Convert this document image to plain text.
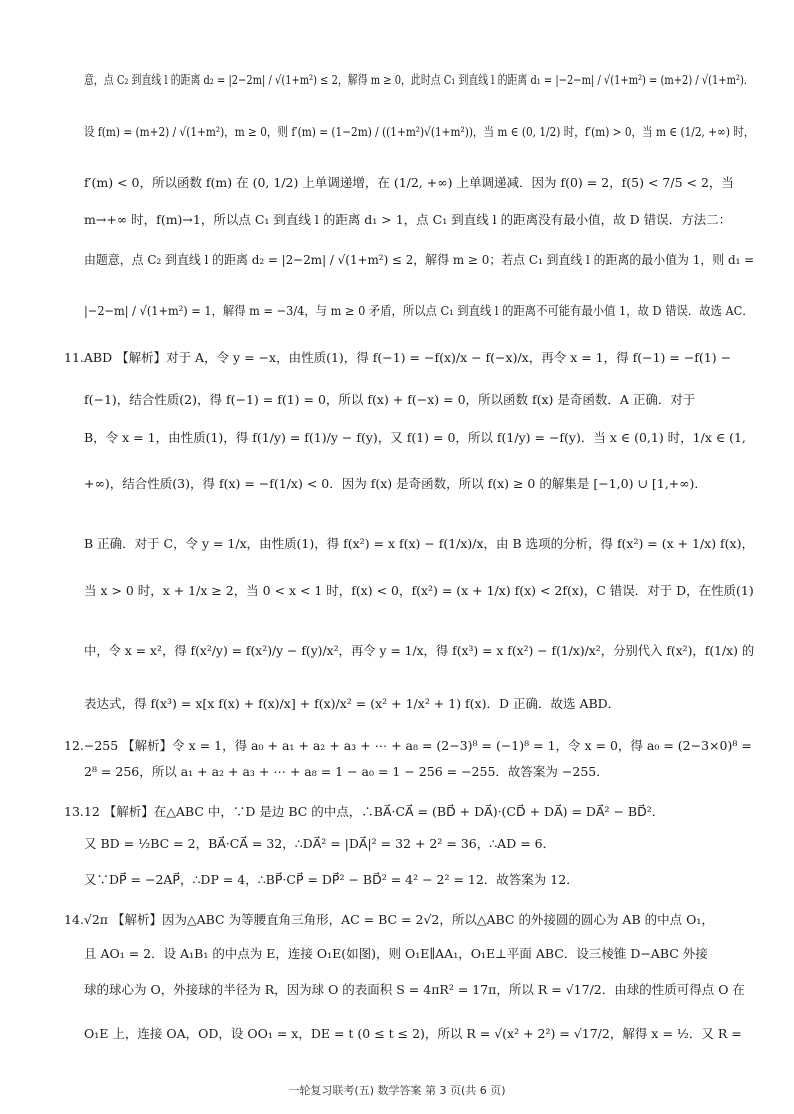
意，点 C₂ 到直线 l 的距离 d₂ = |2−2m| / √(1+m²) ≤ 2，解得 m ≥ 0，此时点 C₁ 到直线 l 的距离 d₁ = |−2−m| / √(1+m²) = (m+2) / √(1+m²)．
设 f(m) = (m+2) / √(1+m²)，m ≥ 0，则 f′(m) = (1−2m) / ((1+m²)√(1+m²))，当 m ∈ (0, 1/2) 时，f′(m) > 0，当 m ∈ (1/2, +∞) 时，
f′(m) < 0，所以函数 f(m) 在 (0, 1/2) 上单调递增，在 (1/2, +∞) 上单调递减．因为 f(0) = 2，f(5) < 7/5 < 2，当
m→+∞ 时，f(m)→1，所以点 C₁ 到直线 l 的距离 d₁ > 1，点 C₁ 到直线 l 的距离没有最小值，故 D 错误．方法二：
由题意，点 C₂ 到直线 l 的距离 d₂ = |2−2m| / √(1+m²) ≤ 2，解得 m ≥ 0；若点 C₁ 到直线 l 的距离的最小值为 1，则 d₁ =
|−2−m| / √(1+m²) = 1，解得 m = −3/4，与 m ≥ 0 矛盾，所以点 C₁ 到直线 l 的距离不可能有最小值 1，故 D 错误．故选 AC．
11.ABD 【解析】对于 A，令 y = −x，由性质(1)，得 f(−1) = −f(x)/x − f(−x)/x，再令 x = 1，得 f(−1) = −f(1) −
f(−1)，结合性质(2)，得 f(−1) = f(1) = 0，所以 f(x) + f(−x) = 0，所以函数 f(x) 是奇函数．A 正确．对于
B，令 x = 1，由性质(1)，得 f(1/y) = f(1)/y − f(y)，又 f(1) = 0，所以 f(1/y) = −f(y)．当 x ∈ (0,1) 时，1/x ∈ (1,
+∞)，结合性质(3)，得 f(x) = −f(1/x) < 0．因为 f(x) 是奇函数，所以 f(x) ≥ 0 的解集是 [−1,0) ∪ [1,+∞)．
B 正确．对于 C，令 y = 1/x，由性质(1)，得 f(x²) = x f(x) − f(1/x)/x，由 B 选项的分析，得 f(x²) = (x + 1/x) f(x)，
当 x > 0 时，x + 1/x ≥ 2，当 0 < x < 1 时，f(x) < 0，f(x²) = (x + 1/x) f(x) < 2f(x)，C 错误．对于 D，在性质(1)
中，令 x = x²，得 f(x²/y) = f(x²)/y − f(y)/x²，再令 y = 1/x，得 f(x³) = x f(x²) − f(1/x)/x²，分别代入 f(x²)，f(1/x) 的
表达式，得 f(x³) = x[x f(x) + f(x)/x] + f(x)/x² = (x² + 1/x² + 1) f(x)．D 正确．故选 ABD．
12.−255 【解析】令 x = 1，得 a₀ + a₁ + a₂ + a₃ + ⋯ + a₈ = (2−3)⁸ = (−1)⁸ = 1，令 x = 0，得 a₀ = (2−3×0)⁸ =
2⁸ = 256，所以 a₁ + a₂ + a₃ + ⋯ + a₈ = 1 − a₀ = 1 − 256 = −255．故答案为 −255．
13.12 【解析】在△ABC 中，∵D 是边 BC 的中点，∴BA⃗·CA⃗ = (BD⃗ + DA⃗)·(CD⃗ + DA⃗) = DA⃗² − BD⃗²．
又 BD = ½BC = 2，BA⃗·CA⃗ = 32，∴DA⃗² = |DA⃗|² = 32 + 2² = 36，∴AD = 6．
又∵DP⃗ = −2AP⃗，∴DP = 4，∴BP⃗·CP⃗ = DP⃗² − BD⃗² = 4² − 2² = 12．故答案为 12．
14.√2π 【解析】因为△ABC 为等腰直角三角形，AC = BC = 2√2，所以△ABC 的外接圆的圆心为 AB 的中点 O₁，
且 AO₁ = 2．设 A₁B₁ 的中点为 E，连接 O₁E(如图)，则 O₁E∥AA₁，O₁E⊥平面 ABC．设三棱锥 D−ABC 外接
球的球心为 O，外接球的半径为 R，因为球 O 的表面积 S = 4πR² = 17π，所以 R = √17/2．由球的性质可得点 O 在
O₁E 上，连接 OA，OD，设 OO₁ = x，DE = t (0 ≤ t ≤ 2)，所以 R = √(x² + 2²) = √17/2，解得 x = ½．又 R =
一轮复习联考(五) 数学答案 第 3 页(共 6 页)
